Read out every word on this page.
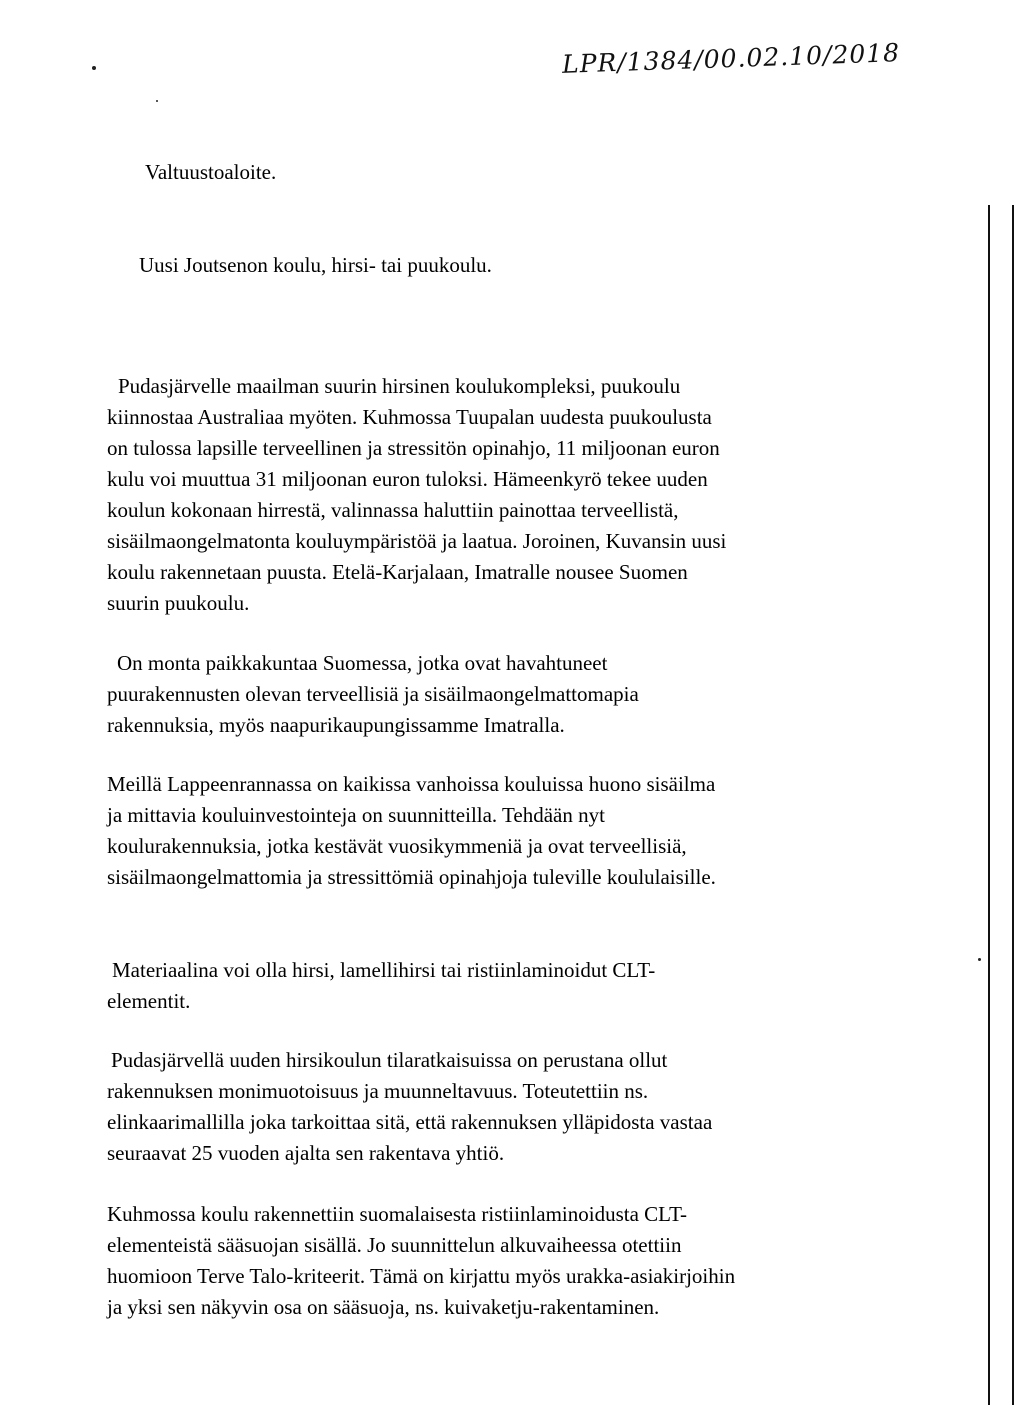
LPR/1384/00.02.10/2018
Valtuustoaloite.
Uusi Joutsenon koulu, hirsi- tai puukoulu.
Pudasjärvelle maailman suurin hirsinen koulukompleksi, puukoulu
kiinnostaa Australiaa myöten. Kuhmossa Tuupalan uudesta puukoulusta
on tulossa lapsille terveellinen ja stressitön opinahjo, 11 miljoonan euron
kulu voi muuttua 31 miljoonan euron tuloksi. Hämeenkyrö tekee uuden
koulun kokonaan hirrestä, valinnassa haluttiin painottaa terveellistä,
sisäilmaongelmatonta kouluympäristöä ja laatua. Joroinen, Kuvansin uusi
koulu rakennetaan puusta. Etelä-Karjalaan, Imatralle nousee Suomen
suurin puukoulu.
On monta paikkakuntaa Suomessa, jotka ovat havahtuneet
puurakennusten olevan terveellisiä ja sisäilmaongelmattomapia
rakennuksia, myös naapurikaupungissamme Imatralla.
Meillä Lappeenrannassa on kaikissa vanhoissa kouluissa huono sisäilma
ja mittavia kouluinvestointeja on suunnitteilla. Tehdään nyt
koulurakennuksia, jotka kestävät vuosikymmeniä ja ovat terveellisiä,
sisäilmaongelmattomia ja stressittömiä opinahjoja tuleville koululaisille.
Materiaalina voi olla hirsi, lamellihirsi tai ristiinlaminoidut CLT-
elementit.
Pudasjärvellä uuden hirsikoulun tilaratkaisuissa on perustana ollut
rakennuksen monimuotoisuus ja muunneltavuus. Toteutettiin ns.
elinkaarimallilla joka tarkoittaa sitä, että rakennuksen ylläpidosta vastaa
seuraavat 25 vuoden ajalta sen rakentava yhtiö.
Kuhmossa koulu rakennettiin suomalaisesta ristiinlaminoidusta CLT-
elementeistä sääsuojan sisällä. Jo suunnittelun alkuvaiheessa otettiin
huomioon Terve Talo-kriteerit. Tämä on kirjattu myös urakka-asiakirjoihin
ja yksi sen näkyvin osa on sääsuoja, ns. kuivaketju-rakentaminen.
